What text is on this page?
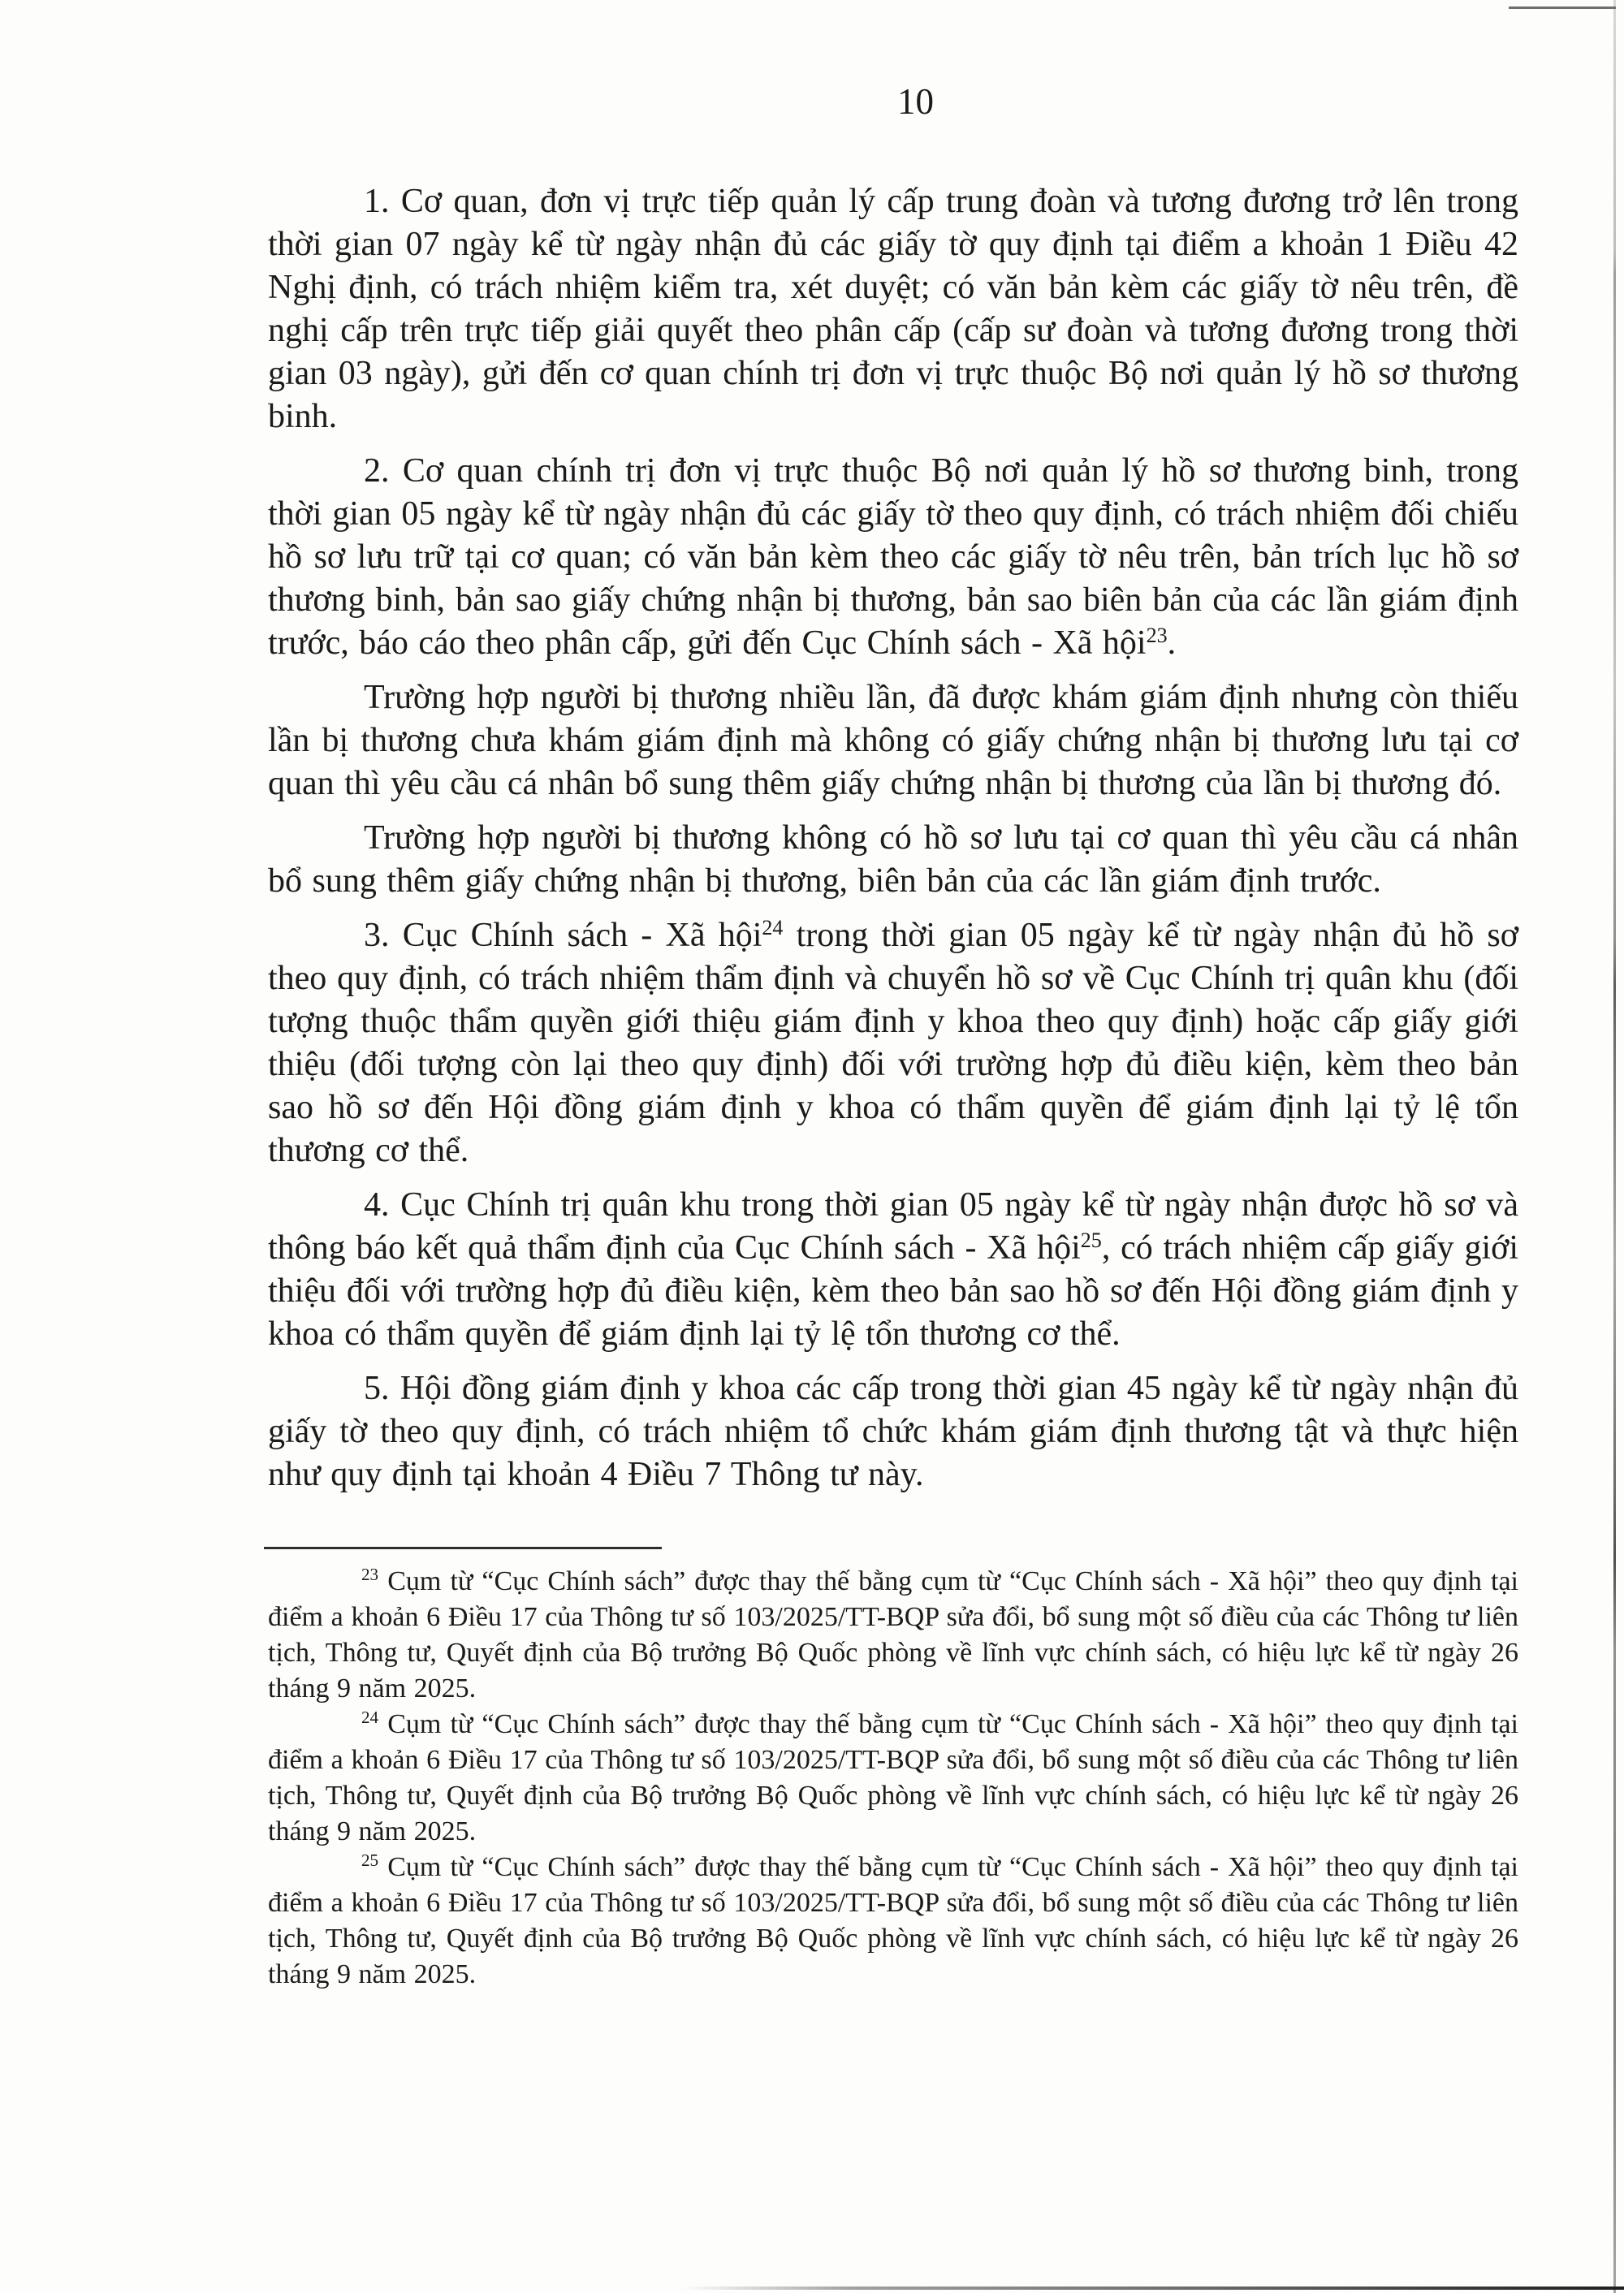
10

1. Cơ quan, đơn vị trực tiếp quản lý cấp trung đoàn và tương đương trở lên trong thời gian 07 ngày kể từ ngày nhận đủ các giấy tờ quy định tại điểm a khoản 1 Điều 42 Nghị định, có trách nhiệm kiểm tra, xét duyệt; có văn bản kèm các giấy tờ nêu trên, đề nghị cấp trên trực tiếp giải quyết theo phân cấp (cấp sư đoàn và tương đương trong thời gian 03 ngày), gửi đến cơ quan chính trị đơn vị trực thuộc Bộ nơi quản lý hồ sơ thương binh.

2. Cơ quan chính trị đơn vị trực thuộc Bộ nơi quản lý hồ sơ thương binh, trong thời gian 05 ngày kể từ ngày nhận đủ các giấy tờ theo quy định, có trách nhiệm đối chiếu hồ sơ lưu trữ tại cơ quan; có văn bản kèm theo các giấy tờ nêu trên, bản trích lục hồ sơ thương binh, bản sao giấy chứng nhận bị thương, bản sao biên bản của các lần giám định trước, báo cáo theo phân cấp, gửi đến Cục Chính sách - Xã hội$^{23}$.

Trường hợp người bị thương nhiều lần, đã được khám giám định nhưng còn thiếu lần bị thương chưa khám giám định mà không có giấy chứng nhận bị thương lưu tại cơ quan thì yêu cầu cá nhân bổ sung thêm giấy chứng nhận bị thương của lần bị thương đó.

Trường hợp người bị thương không có hồ sơ lưu tại cơ quan thì yêu cầu cá nhân bổ sung thêm giấy chứng nhận bị thương, biên bản của các lần giám định trước.

3. Cục Chính sách - Xã hội$^{24}$ trong thời gian 05 ngày kể từ ngày nhận đủ hồ sơ theo quy định, có trách nhiệm thẩm định và chuyển hồ sơ về Cục Chính trị quân khu (đối tượng thuộc thẩm quyền giới thiệu giám định y khoa theo quy định) hoặc cấp giấy giới thiệu (đối tượng còn lại theo quy định) đối với trường hợp đủ điều kiện, kèm theo bản sao hồ sơ đến Hội đồng giám định y khoa có thẩm quyền để giám định lại tỷ lệ tổn thương cơ thể.

4. Cục Chính trị quân khu trong thời gian 05 ngày kể từ ngày nhận được hồ sơ và thông báo kết quả thẩm định của Cục Chính sách - Xã hội$^{25}$, có trách nhiệm cấp giấy giới thiệu đối với trường hợp đủ điều kiện, kèm theo bản sao hồ sơ đến Hội đồng giám định y khoa có thẩm quyền để giám định lại tỷ lệ tổn thương cơ thể.

5. Hội đồng giám định y khoa các cấp trong thời gian 45 ngày kể từ ngày nhận đủ giấy tờ theo quy định, có trách nhiệm tổ chức khám giám định thương tật và thực hiện như quy định tại khoản 4 Điều 7 Thông tư này.

$^{23}$ Cụm từ “Cục Chính sách” được thay thế bằng cụm từ “Cục Chính sách - Xã hội” theo quy định tại điểm a khoản 6 Điều 17 của Thông tư số 103/2025/TT-BQP sửa đổi, bổ sung một số điều của các Thông tư liên tịch, Thông tư, Quyết định của Bộ trưởng Bộ Quốc phòng về lĩnh vực chính sách, có hiệu lực kể từ ngày 26 tháng 9 năm 2025.

$^{24}$ Cụm từ “Cục Chính sách” được thay thế bằng cụm từ “Cục Chính sách - Xã hội” theo quy định tại điểm a khoản 6 Điều 17 của Thông tư số 103/2025/TT-BQP sửa đổi, bổ sung một số điều của các Thông tư liên tịch, Thông tư, Quyết định của Bộ trưởng Bộ Quốc phòng về lĩnh vực chính sách, có hiệu lực kể từ ngày 26 tháng 9 năm 2025.

$^{25}$ Cụm từ “Cục Chính sách” được thay thế bằng cụm từ “Cục Chính sách - Xã hội” theo quy định tại điểm a khoản 6 Điều 17 của Thông tư số 103/2025/TT-BQP sửa đổi, bổ sung một số điều của các Thông tư liên tịch, Thông tư, Quyết định của Bộ trưởng Bộ Quốc phòng về lĩnh vực chính sách, có hiệu lực kể từ ngày 26 tháng 9 năm 2025.
